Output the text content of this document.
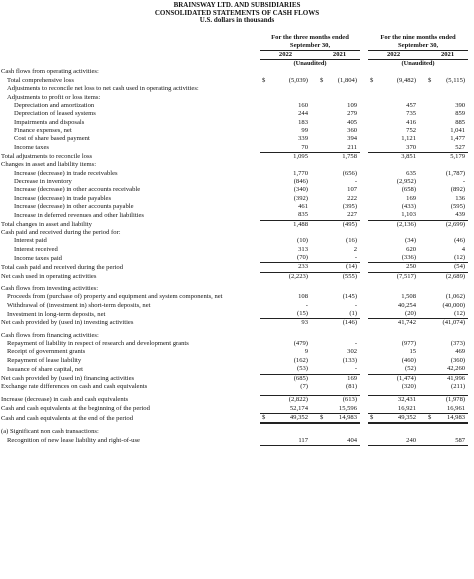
BRAINSWAY LTD. AND SUBSIDIARIES
CONSOLIDATED STATEMENTS OF CASH FLOWS
U.S. dollars in thousands
	For the three months ended					For the nine months ended				
	September 30,					September 30,				
	2022			2021		2022			2021	
	(Unaudited)					(Unaudited)				
Cash flows from operating activities:										
Total comprehensive loss	$	(5,039)		$ (1,804)		$	(9,482)		$ (5,115)	
Adjustments to reconcile net loss to net cash used in operating activities:										
Adjustments to profit or loss items:										
Depreciation and amortization		160		109			457		390	
Depreciation of leased systems		244		279			735		859	
Impairments and disposals		183		405			416		885	
Finance expenses, net		99		360			752		1,041	
Cost of share based payment		339		394			1,121		1,477	
Income taxes		70		211			370		527	
Total adjustments to reconcile loss		1,095		1,758			3,851		5,179	
Changes in asset and liability items:										
Increase (decrease) in trade receivables		1,770		(656)			635		(1,787)	
Decrease in inventory		(846)		-			(2,952)		-	
Increase (decrease) in other accounts receivable		(340)		107			(658)		(892)	
Increase (decrease) in trade payables		(392)		222			169		136	
Increase (decrease) in other accounts payable		461		(395)			(433)		(595)	
Increase in deferred revenues and other liabilities		835		227			1,103		439	
Total changes in asset and liability		1,488		(495)			(2,136)		(2,699)	
Cash paid and received during the period for:										
Interest paid		(10)		(16)			(34)		(46)	
Interest received		313		2			620		4	
Income taxes paid		(70)		-			(336)		(12)	
Total cash paid and received during the period		233		(14)			250		(54)	
Net cash used in operating activities		(2,223)		(555)			(7,517)		(2,689)	

Cash flows from investing activities:										
Proceeds from (purchase of) property and equipment and system components, net		108		(145)			1,508		(1,062)	
Withdrawal of (investment in) short-term deposits, net		-		-			40,254		(40,000)	
Investment in long-term deposits, net		(15)		(1)			(20)		(12)	
Net cash provided by (used in) investing activities		93		(146)			41,742		(41,074)	

Cash flows from financing activities:										
Repayment of liability in respect of research and development grants		(479)		-			(977)		(373)	
Receipt of government grants		9		302			15		469	
Repayment of lease liability		(162)		(133)			(460)		(360)	
Issuance of share capital, net		(53)		-			(52)		42,260	
Net cash provided by (used in) financing activities		(685)		169			(1,474)		41,996	
Exchange rate differences on cash and cash equivalents		(7)		(81)			(320)		(211)	

Increase (decrease) in cash and cash equivalents		(2,822)		(613)			32,431		(1,978)	
Cash and cash equivalents at the beginning of the period		52,174		15,596			16,921		16,961	
Cash and cash equivalents at the end of the period	$	49,352		$ 14,983		$	49,352		$ 14,983	

(a) Significant non cash transactions:										
Recognition of new lease liability and right-of-use		117		404			240		587	
